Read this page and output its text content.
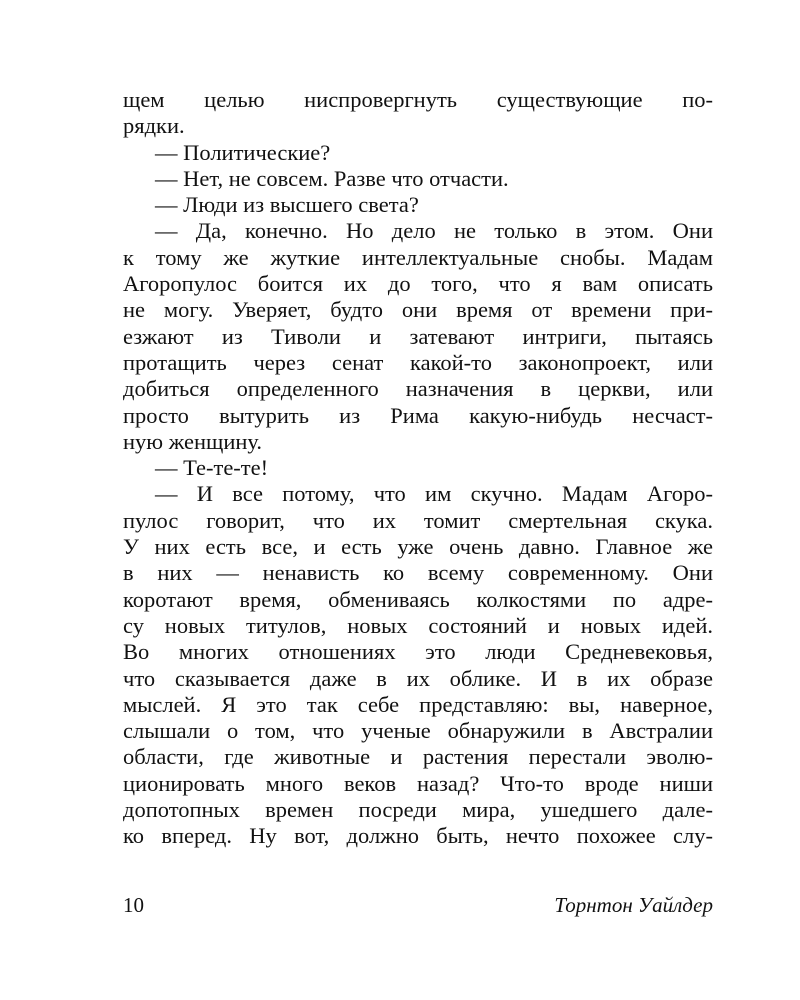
щем целью ниспровергнуть существующие по-
рядки.
— Политические?
— Нет, не совсем. Разве что отчасти.
— Люди из высшего света?
— Да, конечно. Но дело не только в этом. Они
к тому же жуткие интеллектуальные снобы. Мадам
Агоропулос боится их до того, что я вам описать
не могу. Уверяет, будто они время от времени при-
езжают из Тиволи и затевают интриги, пытаясь
протащить через сенат какой-то законопроект, или
добиться определенного назначения в церкви, или
просто вытурить из Рима какую-нибудь несчаст-
ную женщину.
— Те-те-те!
— И все потому, что им скучно. Мадам Агоро-
пулос говорит, что их томит смертельная скука.
У них есть все, и есть уже очень давно. Главное же
в них — ненависть ко всему современному. Они
коротают время, обмениваясь колкостями по адре-
су новых титулов, новых состояний и новых идей.
Во многих отношениях это люди Средневековья,
что сказывается даже в их облике. И в их образе
мыслей. Я это так себе представляю: вы, наверное,
слышали о том, что ученые обнаружили в Австралии
области, где животные и растения перестали эволю-
ционировать много веков назад? Что-то вроде ниши
допотопных времен посреди мира, ушедшего дале-
ко вперед. Ну вот, должно быть, нечто похожее слу-
10	Торнтон Уайлдер
